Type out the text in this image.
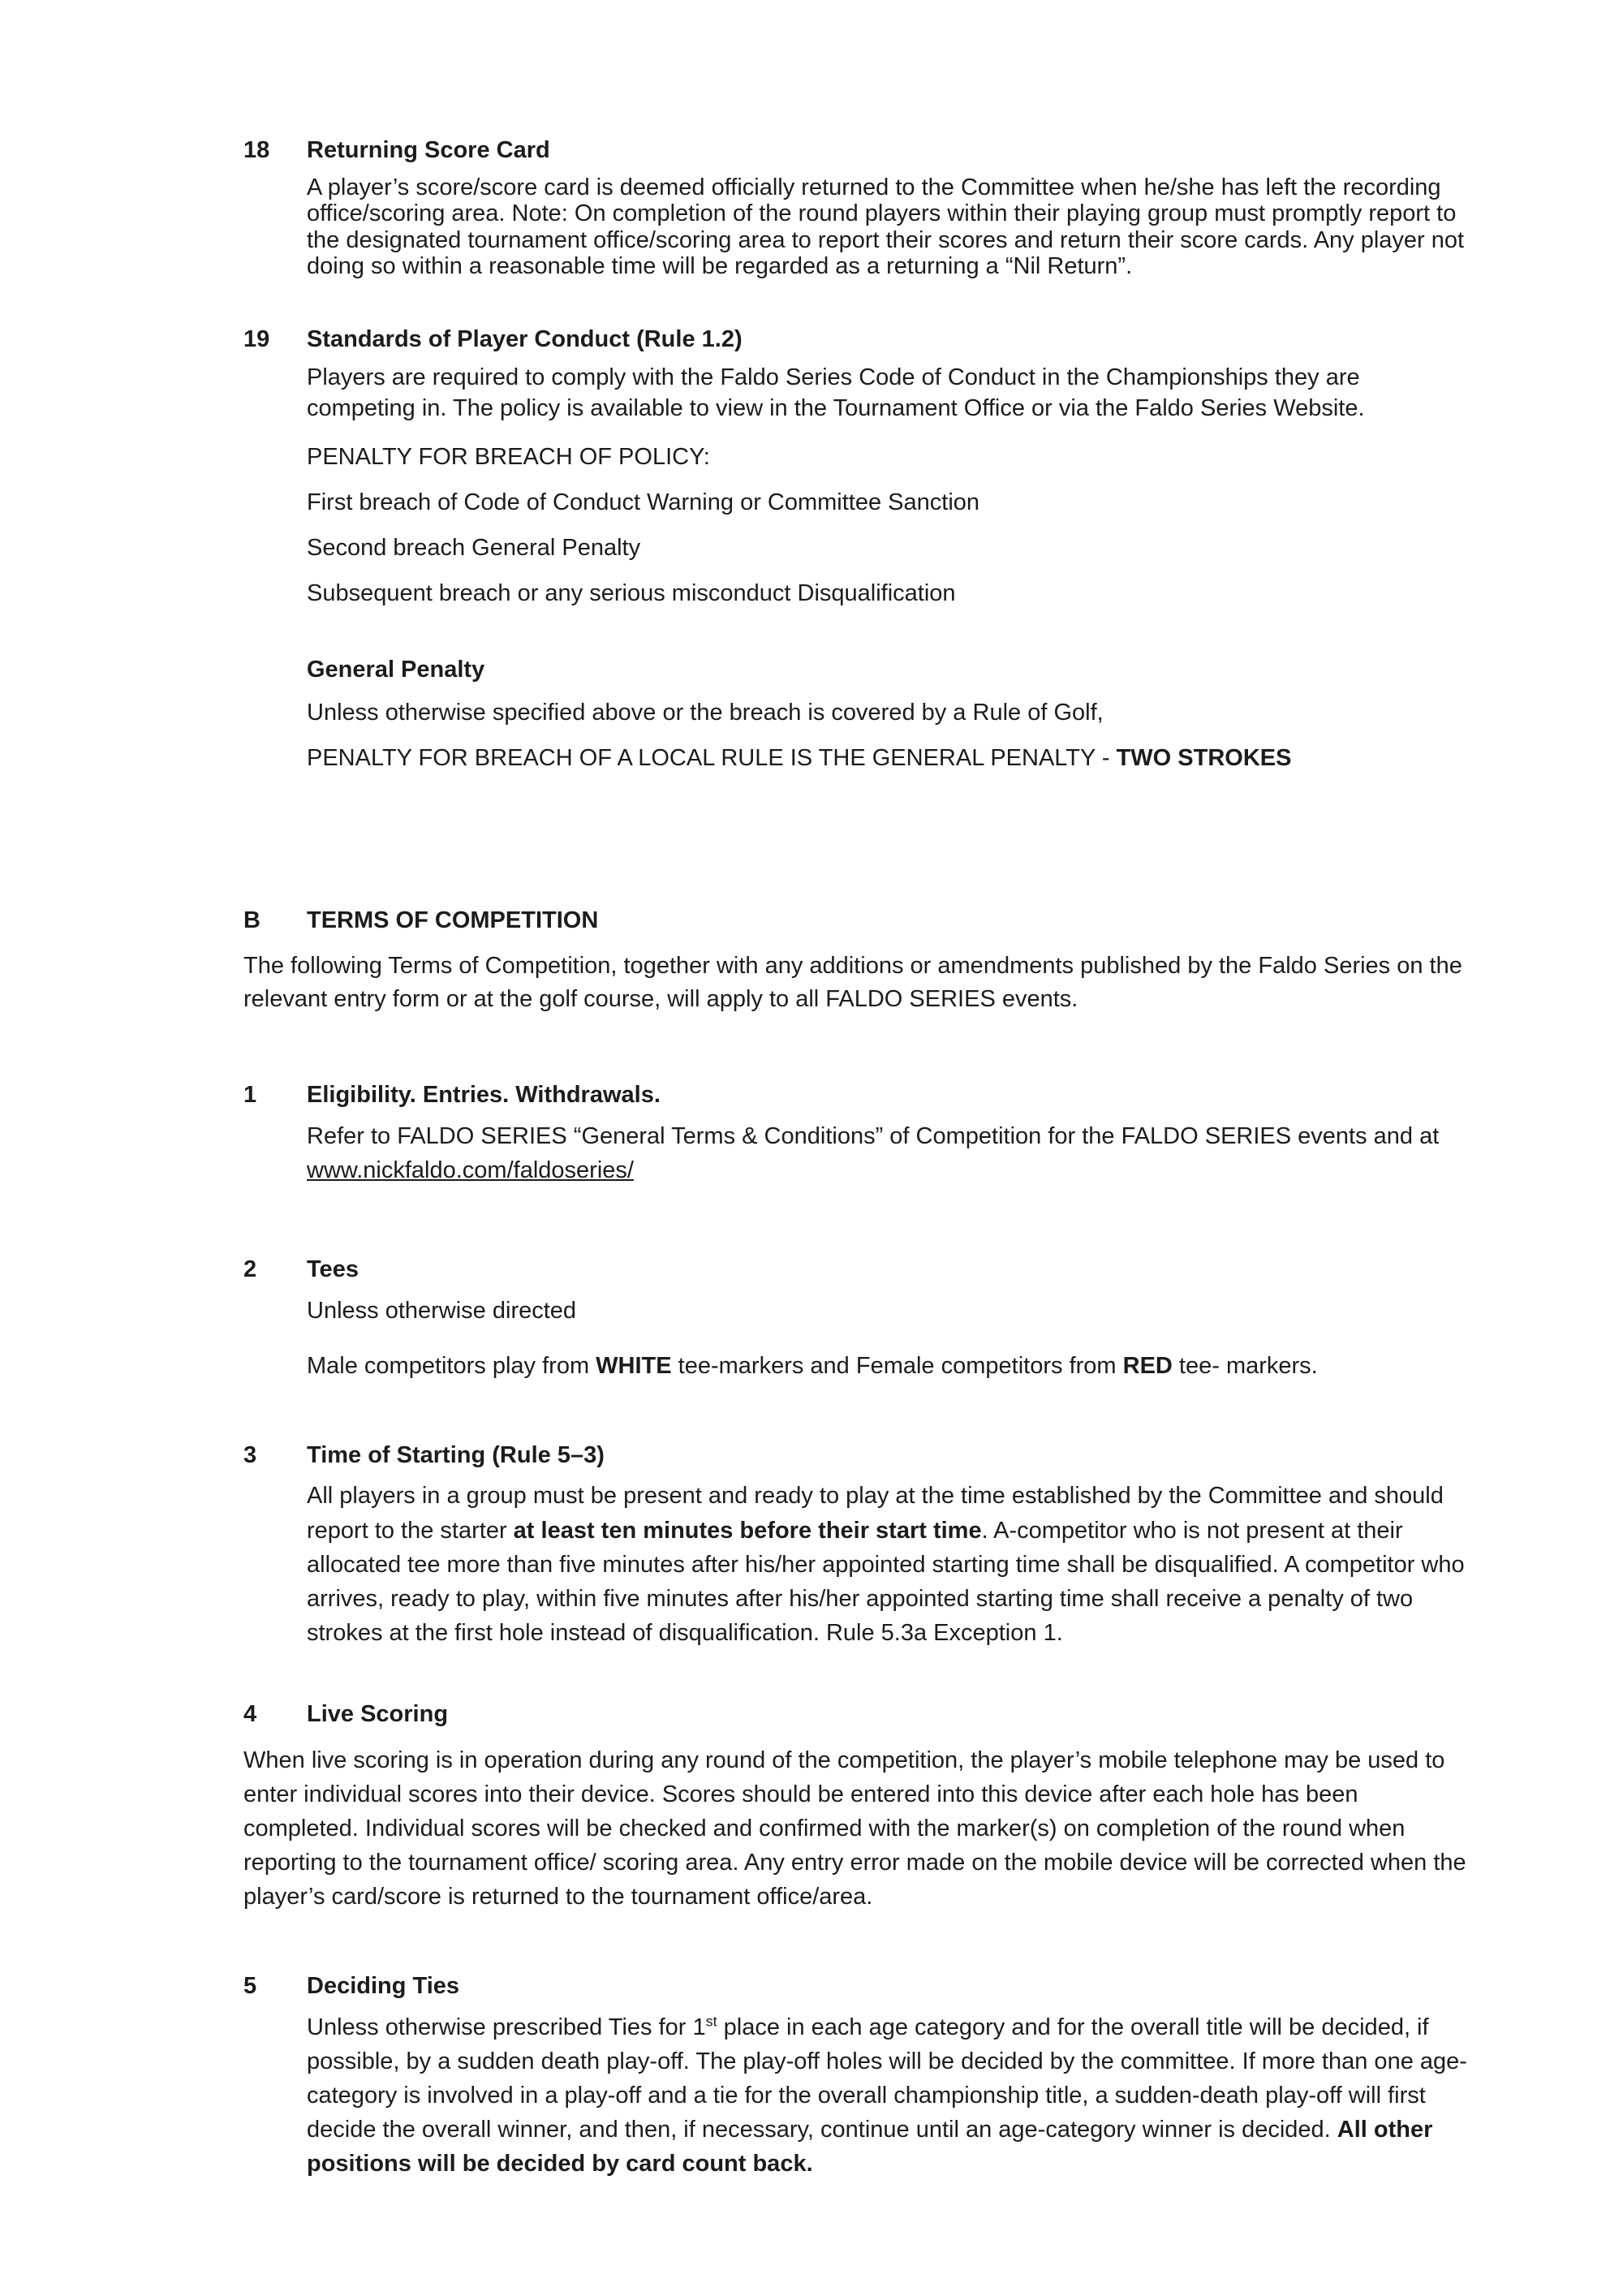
18	Returning Score Card

A player’s score/score card is deemed officially returned to the Committee when he/she has left the recording office/scoring area. Note: On completion of the round players within their playing group must promptly report to the designated tournament office/scoring area to report their scores and return their score cards. Any player not doing so within a reasonable time will be regarded as a returning a “Nil Return”.

19	Standards of Player Conduct (Rule 1.2)

Players are required to comply with the Faldo Series Code of Conduct in the Championships they are competing in. The policy is available to view in the Tournament Office or via the Faldo Series Website.

PENALTY FOR BREACH OF POLICY:

First breach of Code of Conduct Warning or Committee Sanction

Second breach General Penalty

Subsequent breach or any serious misconduct Disqualification

General Penalty

Unless otherwise specified above or the breach is covered by a Rule of Golf,

PENALTY FOR BREACH OF A LOCAL RULE IS THE GENERAL PENALTY - TWO STROKES

B	TERMS OF COMPETITION

The following Terms of Competition, together with any additions or amendments published by the Faldo Series on the relevant entry form or at the golf course, will apply to all FALDO SERIES events.

1	Eligibility. Entries. Withdrawals.

Refer to FALDO SERIES “General Terms & Conditions” of Competition for the FALDO SERIES events and at www.nickfaldo.com/faldoseries/

2	Tees

Unless otherwise directed

Male competitors play from WHITE tee-markers and Female competitors from RED tee- markers.

3	Time of Starting (Rule 5–3)

All players in a group must be present and ready to play at the time established by the Committee and should report to the starter at least ten minutes before their start time. A-competitor who is not present at their allocated tee more than five minutes after his/her appointed starting time shall be disqualified. A competitor who arrives, ready to play, within five minutes after his/her appointed starting time shall receive a penalty of two strokes at the first hole instead of disqualification. Rule 5.3a Exception 1.

4	Live Scoring

When live scoring is in operation during any round of the competition, the player’s mobile telephone may be used to enter individual scores into their device. Scores should be entered into this device after each hole has been completed. Individual scores will be checked and confirmed with the marker(s) on completion of the round when reporting to the tournament office/ scoring area. Any entry error made on the mobile device will be corrected when the player’s card/score is returned to the tournament office/area.

5	Deciding Ties

Unless otherwise prescribed Ties for 1st place in each age category and for the overall title will be decided, if possible, by a sudden death play-off. The play-off holes will be decided by the committee. If more than one age-category is involved in a play-off and a tie for the overall championship title, a sudden-death play-off will first decide the overall winner, and then, if necessary, continue until an age-category winner is decided. All other positions will be decided by card count back.
